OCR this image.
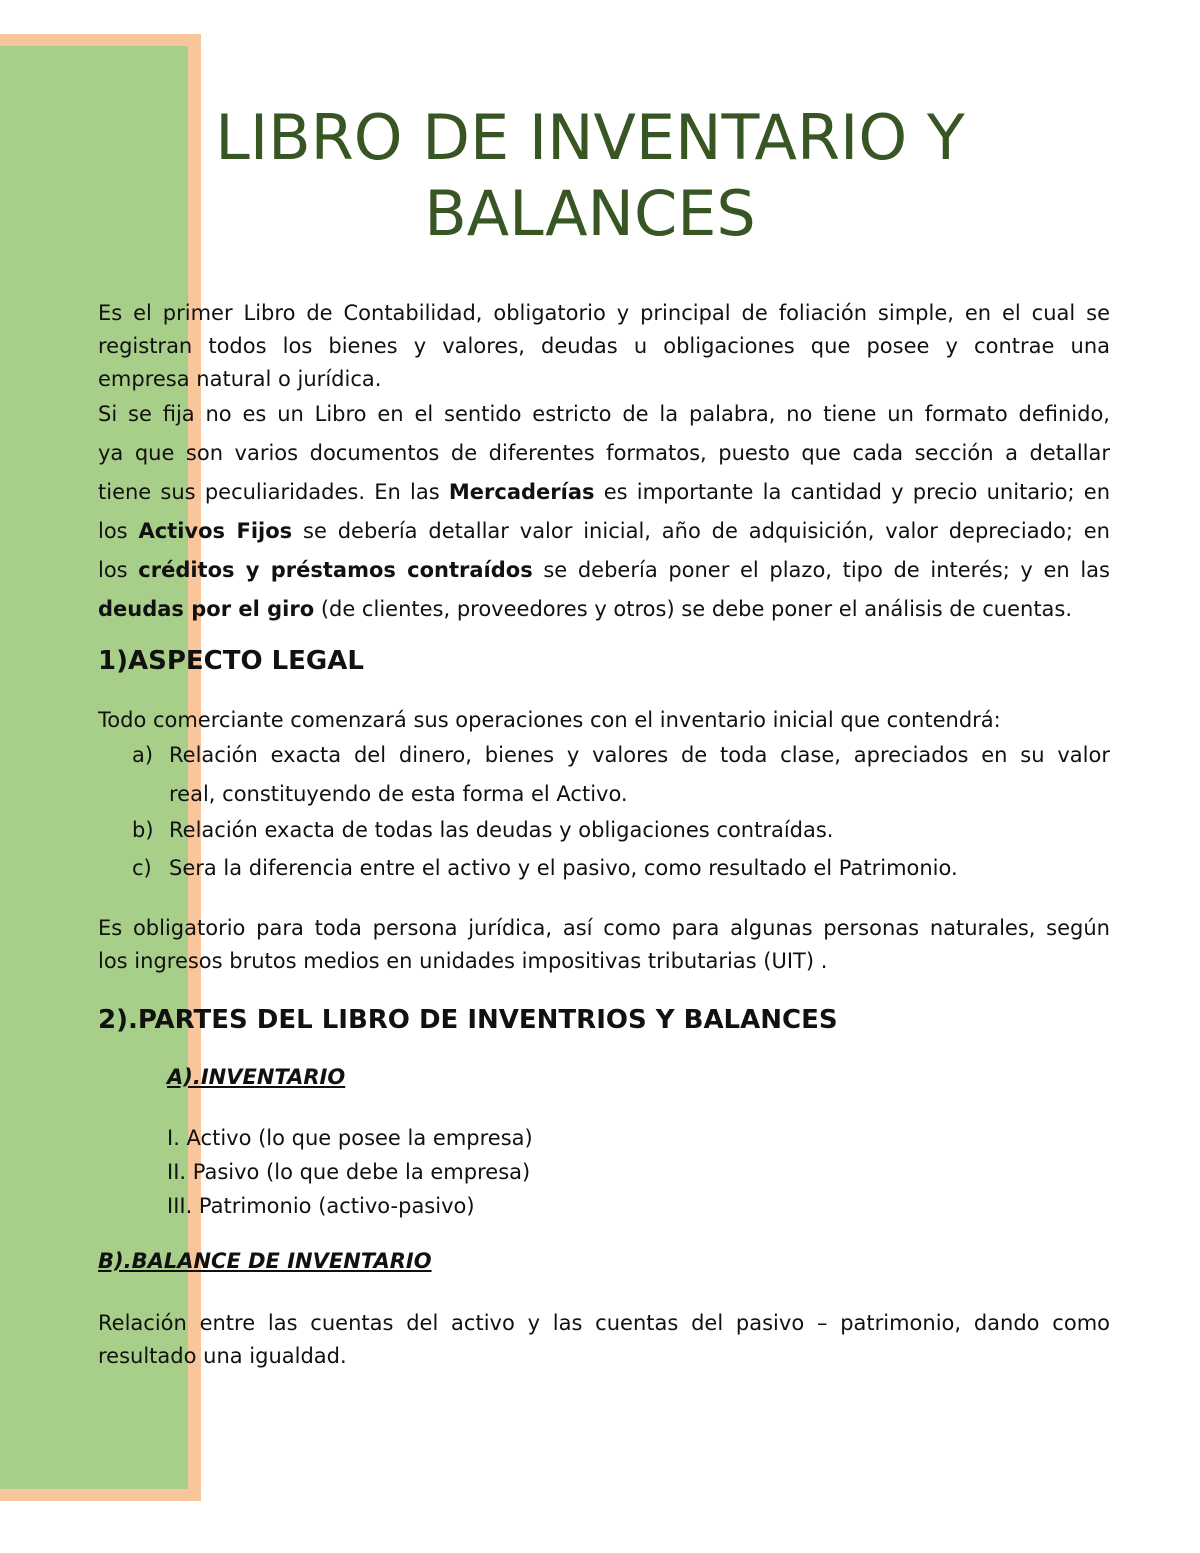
LIBRO DE INVENTARIO Y
BALANCES
Es el primer Libro de Contabilidad, obligatorio y principal de foliación simple, en el cual se
registran todos los bienes y valores, deudas u obligaciones que posee y contrae una
empresa natural o jurídica.
Si se fija no es un Libro en el sentido estricto de la palabra, no tiene un formato definido,
ya que son varios documentos de diferentes formatos, puesto que cada sección a detallar
tiene sus peculiaridades. En las Mercaderías es importante la cantidad y precio unitario; en
los Activos Fijos se debería detallar valor inicial, año de adquisición, valor depreciado; en
los créditos y préstamos contraídos se debería poner el plazo, tipo de interés; y en las
deudas por el giro (de clientes, proveedores y otros) se debe poner el análisis de cuentas.
1)ASPECTO LEGAL

Todo comerciante comenzará sus operaciones con el inventario inicial que contendrá:

a) Relación exacta del dinero, bienes y valores de toda clase, apreciados en su valor
real, constituyendo de esta forma el Activo.
b) Relación exacta de todas las deudas y obligaciones contraídas.
c) Sera la diferencia entre el activo y el pasivo, como resultado el Patrimonio.
Es obligatorio para toda persona jurídica, así como para algunas personas naturales, según
los ingresos brutos medios en unidades impositivas tributarias (UIT) .
2).PARTES DEL LIBRO DE INVENTRIOS Y BALANCES

A).INVENTARIO

I. Activo (lo que posee la empresa)
II. Pasivo (lo que debe la empresa)
III. Patrimonio (activo-pasivo)

B).BALANCE DE INVENTARIO

Relación entre las cuentas del activo y las cuentas del pasivo – patrimonio, dando como
resultado una igualdad.
